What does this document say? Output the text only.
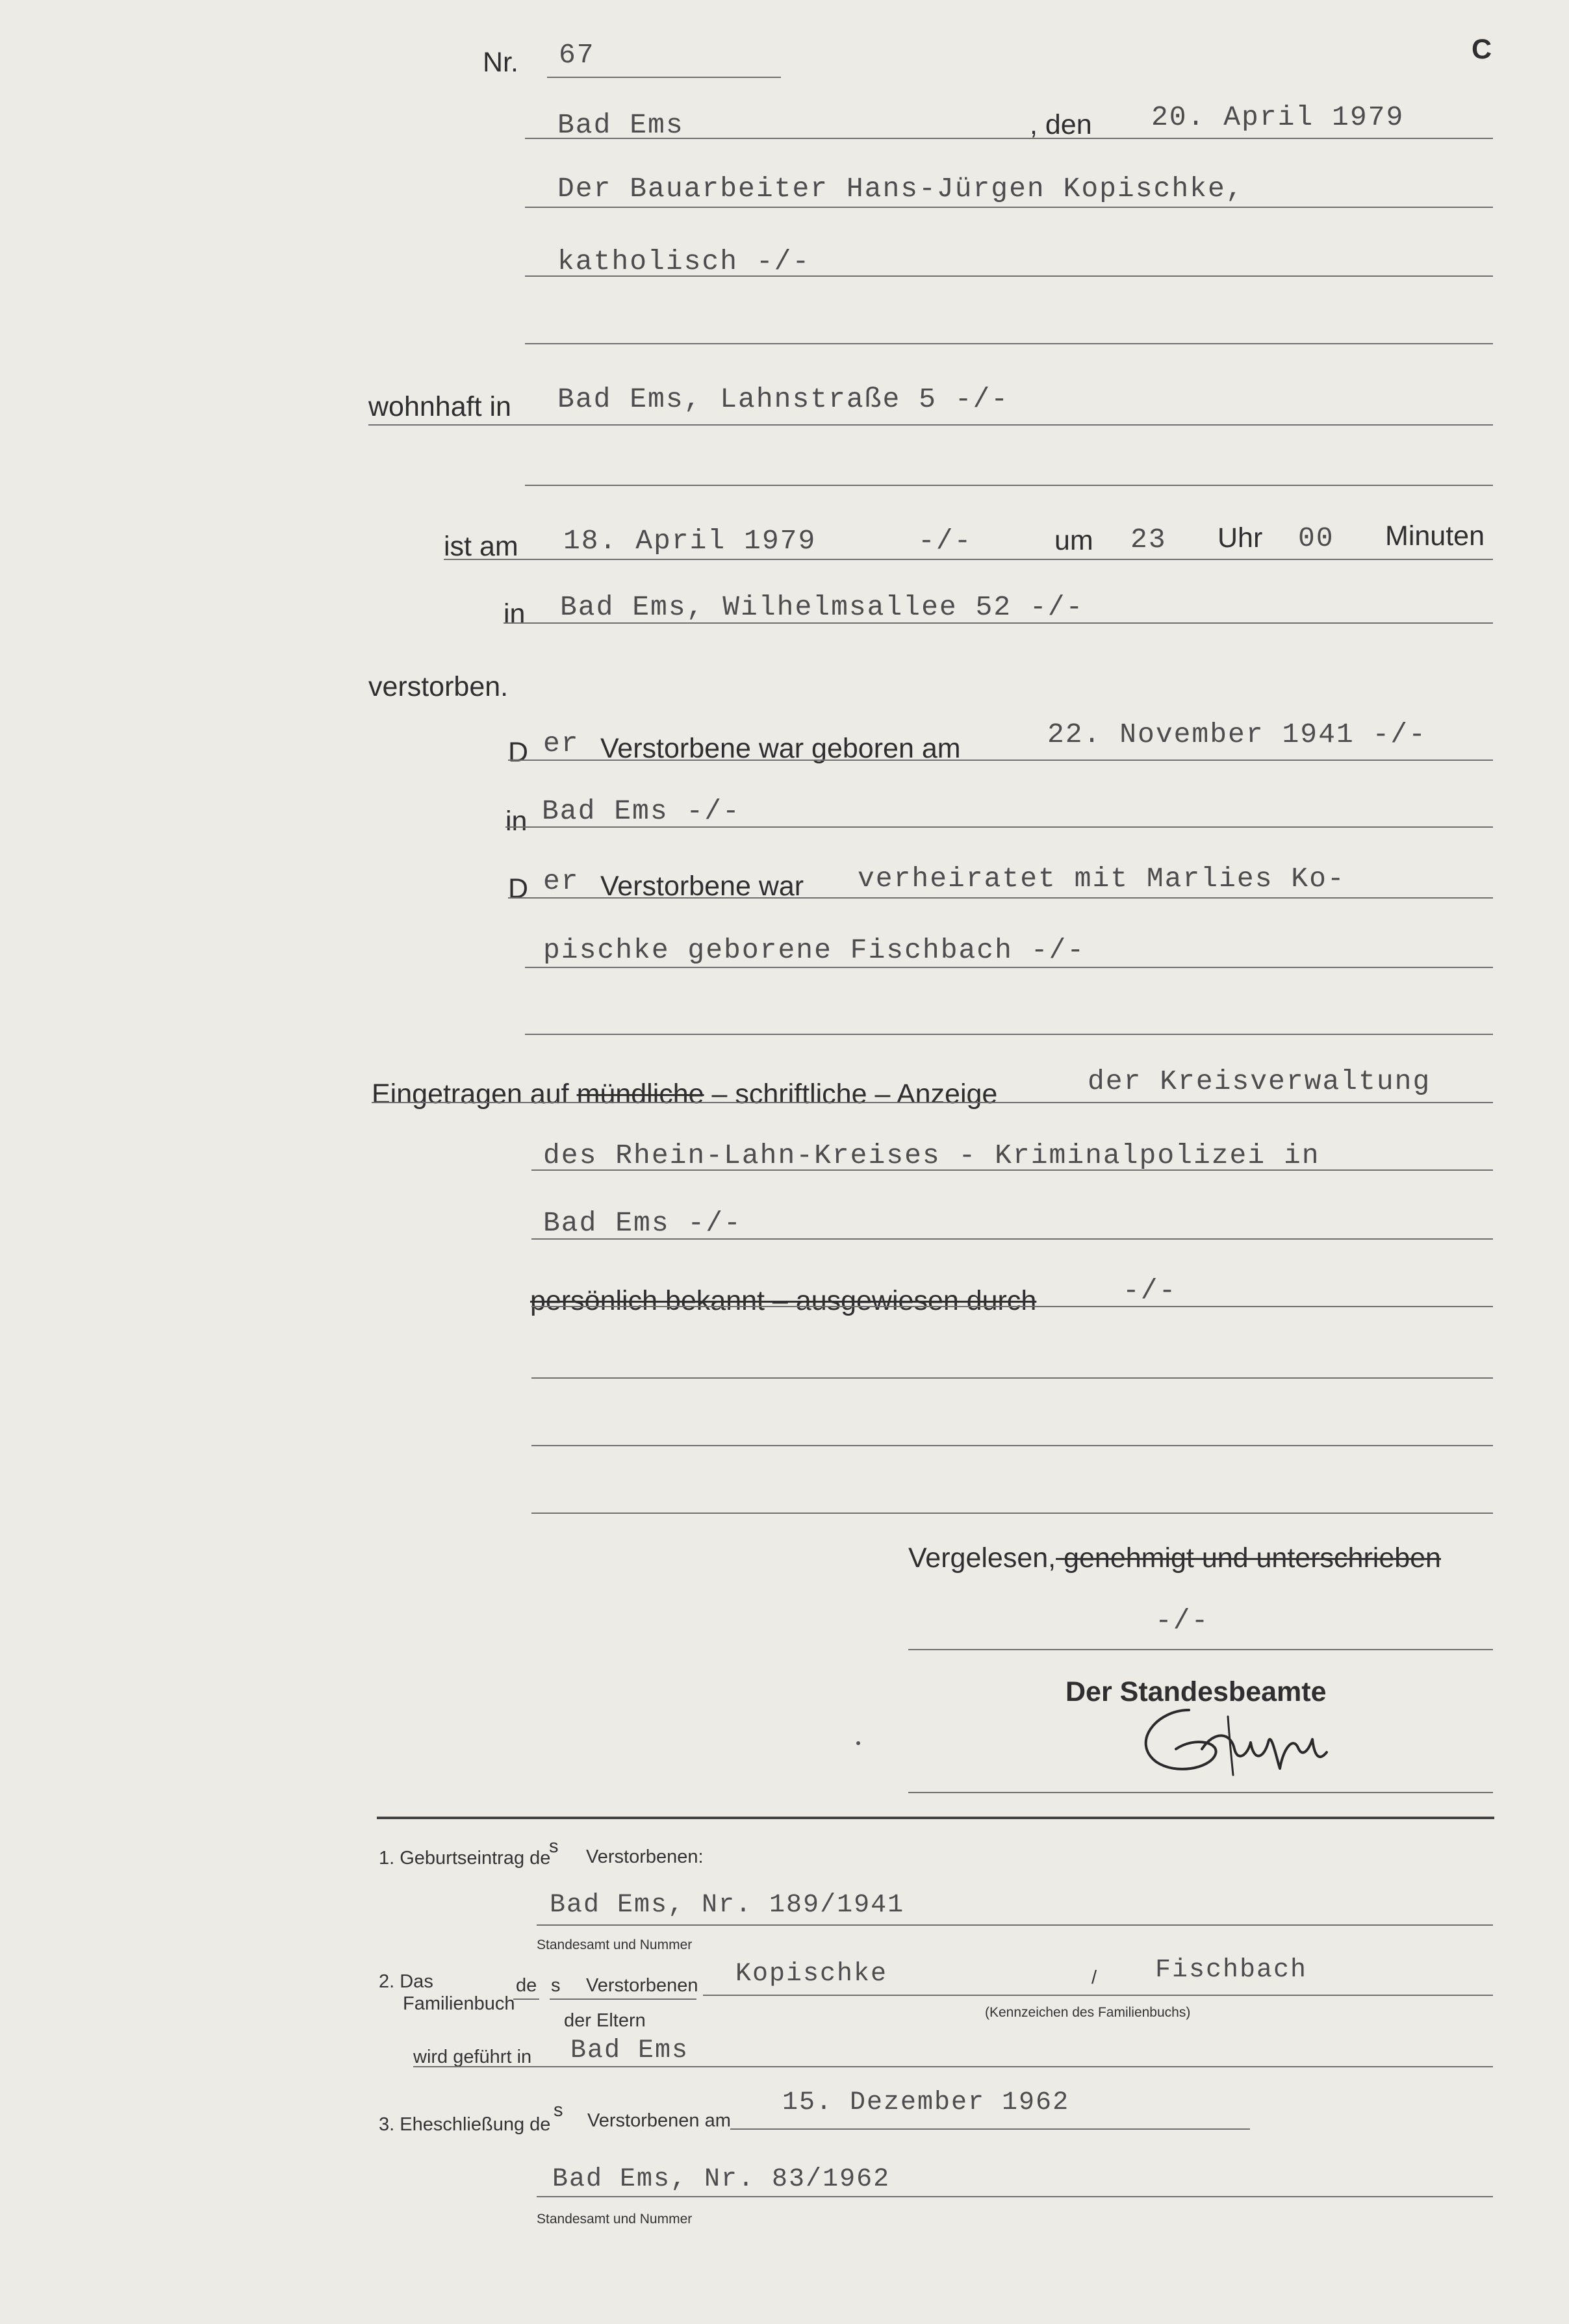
Nr. 67	C
Bad Ems	, den 20. April 1979
Der Bauarbeiter Hans-Jürgen Kopischke,
katholisch -/-
wohnhaft in Bad Ems, Lahnstraße 5 -/-
ist am 18. April 1979	-/-	um 23 Uhr 00 Minuten
in Bad Ems, Wilhelmsallee 52 -/-
verstorben.
D er Verstorbene war geboren am	22. November 1941 -/-
in Bad Ems -/-
D er Verstorbene war verheiratet mit Marlies Ko-
pischke geborene Fischbach -/-
Eingetragen auf mündliche – schriftliche – Anzeige	der Kreisverwaltung
des Rhein-Lahn-Kreises - Kriminalpolizei in
Bad Ems -/-
persönlich bekannt – ausgewiesen durch	-/-
Vergelesen, genehmigt und unterschrieben
-/-
Der Standesbeamte
1. Geburtseintrag de
s Verstorbenen:
Bad Ems, Nr. 189/1941
Standesamt und Nummer
2. Das
Familienbuch
de s Verstorbenen
der Eltern
Kopischke	/ Fischbach
(Kennzeichen des Familienbuchs)
wird geführt in Bad Ems
3. Eheschließung de
s Verstorbenen am
15. Dezember 1962
Bad Ems, Nr. 83/1962
Standesamt und Nummer
